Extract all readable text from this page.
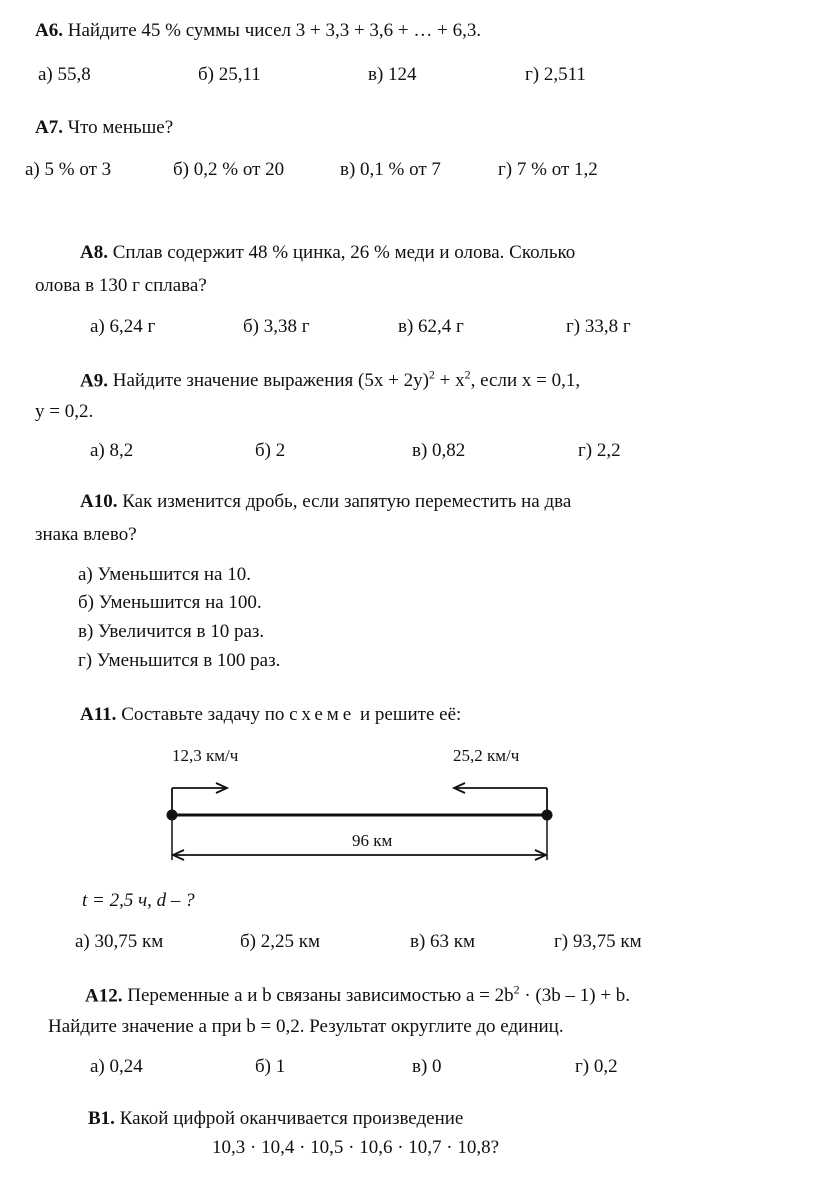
А6. Найдите 45 % суммы чисел 3 + 3,3 + 3,6 + … + 6,3.
а) 55,8	б) 25,11	в) 124	г) 2,511
А7. Что меньше?
а) 5 % от 3	б) 0,2 % от 20	в) 0,1 % от 7	г) 7 % от 1,2
А8. Сплав содержит 48 % цинка, 26 % меди и олова. Сколько
олова в 130 г сплава?
а) 6,24 г	б) 3,38 г	в) 62,4 г	г) 33,8 г
А9. Найдите значение выражения $(5x + 2y)^2 + x^2$, если x = 0,1,
y = 0,2.
а) 8,2	б) 2	в) 0,82	г) 2,2
А10. Как изменится дробь, если запятую переместить на два
знака влево?
а) Уменьшится на 10.
б) Уменьшится на 100.
в) Увеличится в 10 раз.
г) Уменьшится в 100 раз.
А11. Составьте задачу по схеме и решите её:
12,3 км/ч	25,2 км/ч
96 км
t = 2,5 ч, d – ?
а) 30,75 км	б) 2,25 км	в) 63 км	г) 93,75 км
А12. Переменные a и b связаны зависимостью $a = 2b^2 \cdot (3b - 1) + b$.
Найдите значение a при b = 0,2. Результат округлите до единиц.
а) 0,24	б) 1	в) 0	г) 0,2
В1. Какой цифрой оканчивается произведение
10,3 · 10,4 · 10,5 · 10,6 · 10,7 · 10,8?
